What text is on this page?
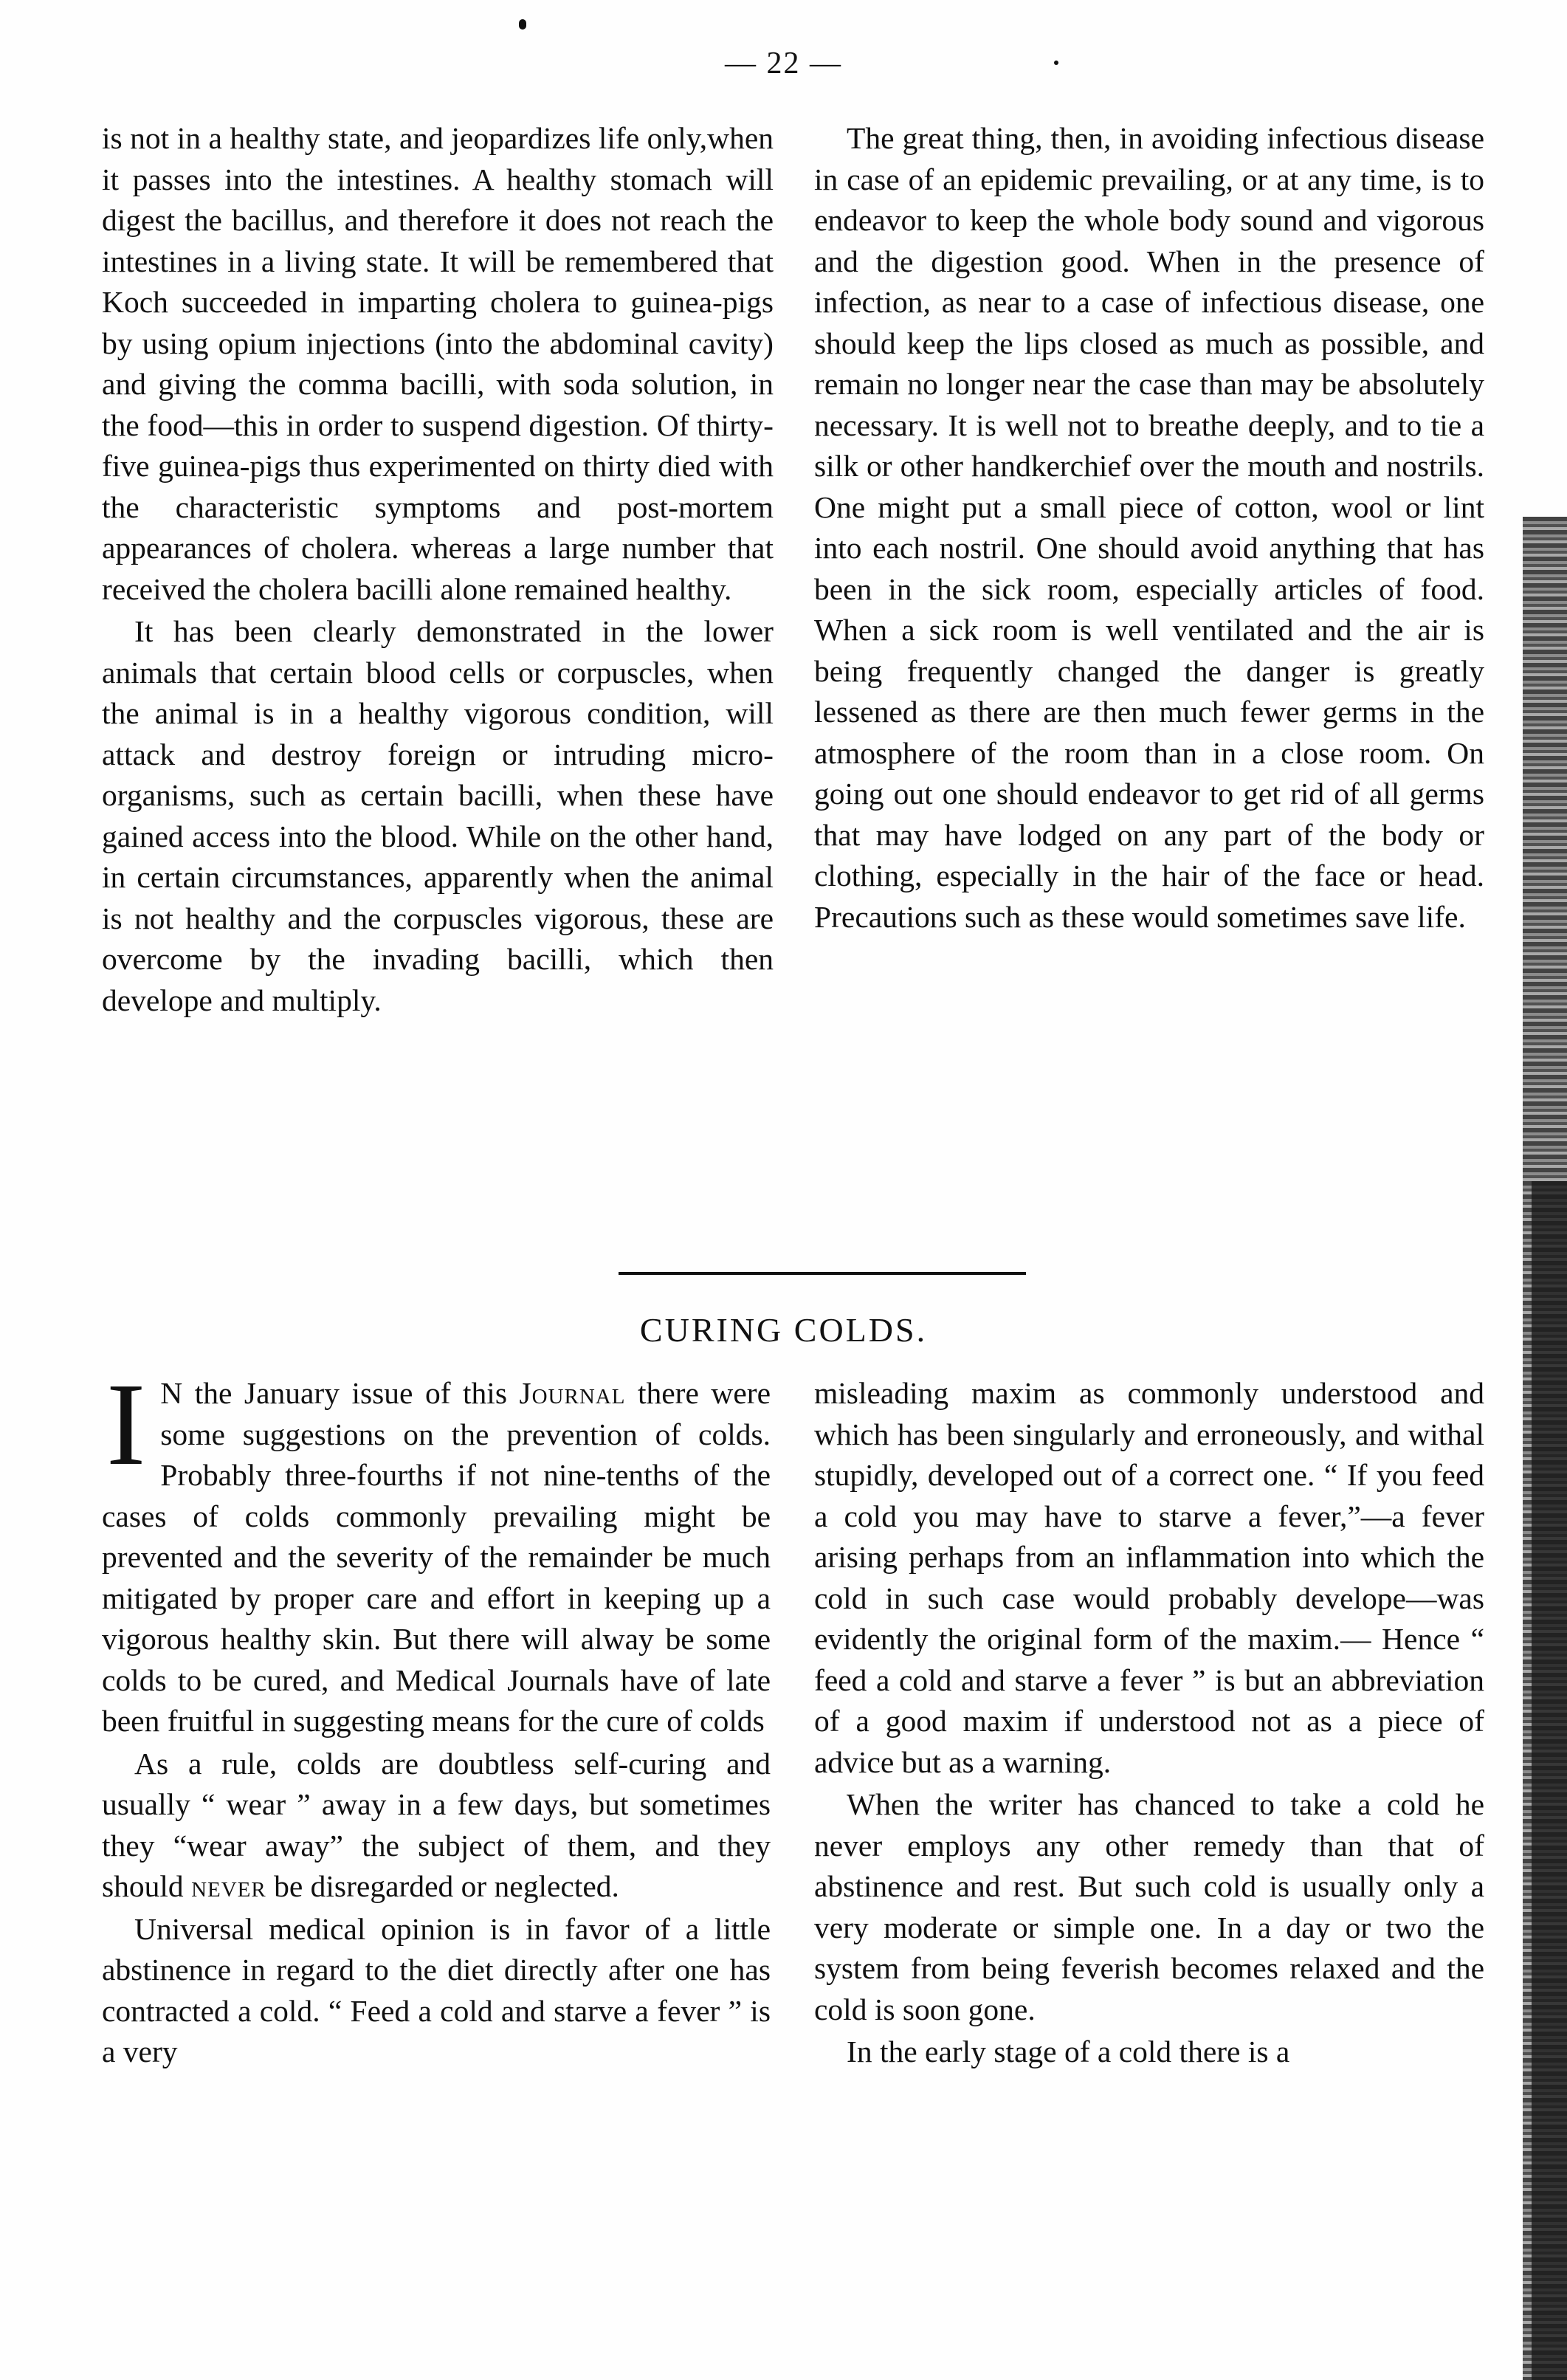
— 22 —

is not in a healthy state, and jeopardizes life only,when it passes into the intestines. A healthy stomach will digest the bacillus, and therefore it does not reach the intestines in a living state. It will be remembered that Koch succeeded in imparting cholera to guinea-pigs by using opium injections (into the abdominal cavity) and giving the comma bacilli, with soda solution, in the food—this in order to suspend digestion. Of thirty-five guinea-pigs thus experimented on thirty died with the characteristic symptoms and post-mortem appearances of cholera. whereas a large number that received the cholera bacilli alone remained healthy.

It has been clearly demonstrated in the lower animals that certain blood cells or corpuscles, when the animal is in a healthy vigorous condition, will attack and destroy foreign or intruding micro-organisms, such as certain bacilli, when these have gained access into the blood. While on the other hand, in certain circumstances, apparently when the animal is not healthy and the corpuscles vigorous, these are overcome by the invading bacilli, which then develope and multiply.

The great thing, then, in avoiding infectious disease in case of an epidemic prevailing, or at any time, is to endeavor to keep the whole body sound and vigorous and the digestion good. When in the presence of infection, as near to a case of infectious disease, one should keep the lips closed as much as possible, and remain no longer near the case than may be absolutely necessary. It is well not to breathe deeply, and to tie a silk or other handkerchief over the mouth and nostrils. One might put a small piece of cotton, wool or lint into each nostril. One should avoid anything that has been in the sick room, especially articles of food. When a sick room is well ventilated and the air is being frequently changed the danger is greatly lessened as there are then much fewer germs in the atmosphere of the room than in a close room. On going out one should endeavor to get rid of all germs that may have lodged on any part of the body or clothing, especially in the hair of the face or head. Precautions such as these would sometimes save life.

CURING COLDS.

I N the January issue of this Journal there were some suggestions on the prevention of colds. Probably three-fourths if not nine-tenths of the cases of colds commonly prevailing might be prevented and the severity of the remainder be much mitigated by proper care and effort in keeping up a vigorous healthy skin. But there will alway be some colds to be cured, and Medical Journals have of late been fruitful in suggesting means for the cure of colds

As a rule, colds are doubtless self-curing and usually “ wear ” away in a few days, but sometimes they “wear away” the subject of them, and they should never be disregarded or neglected.

Universal medical opinion is in favor of a little abstinence in regard to the diet directly after one has contracted a cold. “ Feed a cold and starve a fever ” is a very

misleading maxim as commonly understood and which has been singularly and erroneously, and withal stupidly, developed out of a correct one. “ If you feed a cold you may have to starve a fever,”—a fever arising perhaps from an inflammation into which the cold in such case would probably develope—was evidently the original form of the maxim.— Hence “ feed a cold and starve a fever ” is but an abbreviation of a good maxim if understood not as a piece of advice but as a warning.

When the writer has chanced to take a cold he never employs any other remedy than that of abstinence and rest. But such cold is usually only a very moderate or simple one. In a day or two the system from being feverish becomes relaxed and the cold is soon gone.

In the early stage of a cold there is a
